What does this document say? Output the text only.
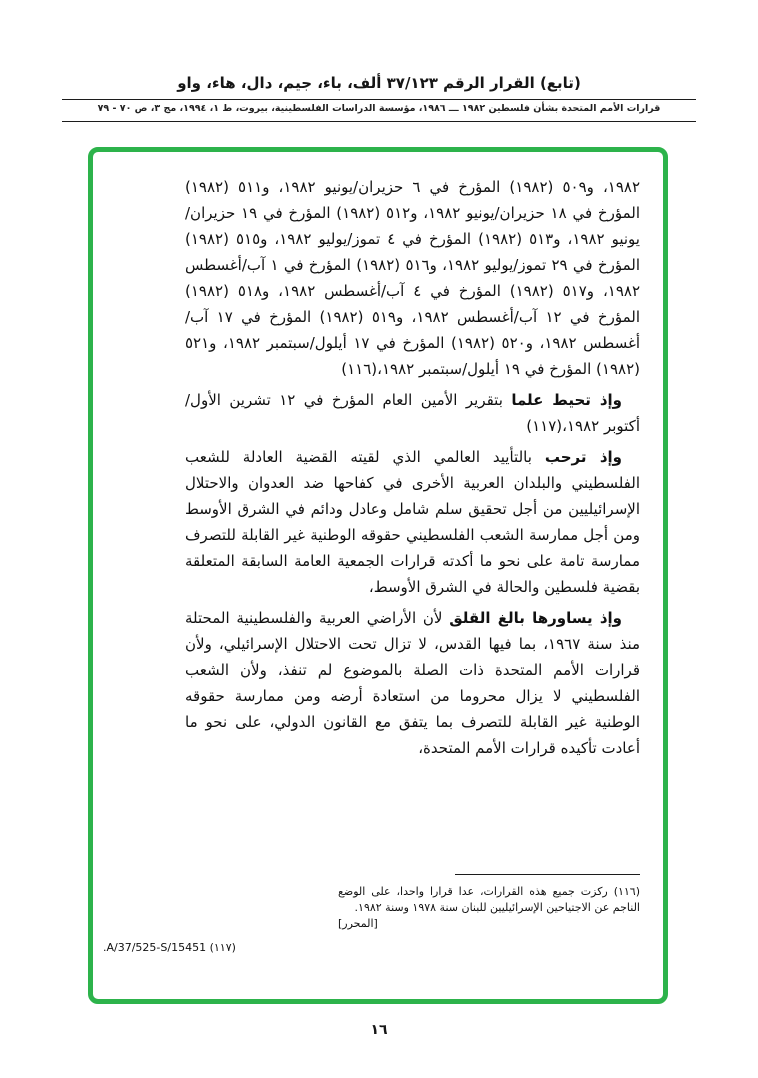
(تابع) القرار الرقم ٣٧/١٢٣ ألف، باء، جيم، دال، هاء، واو
قرارات الأمم المتحدة بشأن فلسطين ١٩٨٢ ـــ ١٩٨٦، مؤسسة الدراسات الفلسطينية، بيروت، ط ١، ١٩٩٤، مج ٣، ص ٧٠ - ٧٩

١٩٨٢، و٥٠٩ (١٩٨٢) المؤرخ في ٦ حزيران/يونيو ١٩٨٢، و٥١١ (١٩٨٢) المؤرخ في ١٨ حزيران/يونيو ١٩٨٢، و٥١٢ (١٩٨٢) المؤرخ في ١٩ حزيران/يونيو ١٩٨٢، و٥١٣ (١٩٨٢) المؤرخ في ٤ تموز/يوليو ١٩٨٢، و٥١٥ (١٩٨٢) المؤرخ في ٢٩ تموز/يوليو ١٩٨٢، و٥١٦ (١٩٨٢) المؤرخ في ١ آب/أغسطس ١٩٨٢، و٥١٧ (١٩٨٢) المؤرخ في ٤ آب/أغسطس ١٩٨٢، و٥١٨ (١٩٨٢) المؤرخ في ١٢ آب/أغسطس ١٩٨٢، و٥١٩ (١٩٨٢) المؤرخ في ١٧ آب/أغسطس ١٩٨٢، و٥٢٠ (١٩٨٢) المؤرخ في ١٧ أيلول/سبتمبر ١٩٨٢، و٥٢١ (١٩٨٢) المؤرخ في ١٩ أيلول/سبتمبر ١٩٨٢،(١١٦)

وإذ تحيط علما بتقرير الأمين العام المؤرخ في ١٢ تشرين الأول/ أكتوبر ١٩٨٢،(١١٧)

وإذ ترحب بالتأييد العالمي الذي لقيته القضية العادلة للشعب الفلسطيني والبلدان العربية الأخرى في كفاحها ضد العدوان والاحتلال الإسرائيليين من أجل تحقيق سلم شامل وعادل ودائم في الشرق الأوسط ومن أجل ممارسة الشعب الفلسطيني حقوقه الوطنية غير القابلة للتصرف ممارسة تامة على نحو ما أكدته قرارات الجمعية العامة السابقة المتعلقة بقضية فلسطين والحالة في الشرق الأوسط،

وإذ يساورها بالغ القلق لأن الأراضي العربية والفلسطينية المحتلة منذ سنة ١٩٦٧، بما فيها القدس، لا تزال تحت الاحتلال الإسرائيلي، ولأن قرارات الأمم المتحدة ذات الصلة بالموضوع لم تنفذ، ولأن الشعب الفلسطيني لا يزال محروما من استعادة أرضه ومن ممارسة حقوقه الوطنية غير القابلة للتصرف بما يتفق مع القانون الدولي، على نحو ما أعادت تأكيده قرارات الأمم المتحدة،

(١١٦) ركزت جميع هذه القرارات، عدا قرارا واحدا، على الوضع الناجم عن الاجتياحين الإسرائيليين للبنان سنة ١٩٧٨ وسنة ١٩٨٢.
[المحرر]
(١١٧) A/37/525-S/15451.
١٦
